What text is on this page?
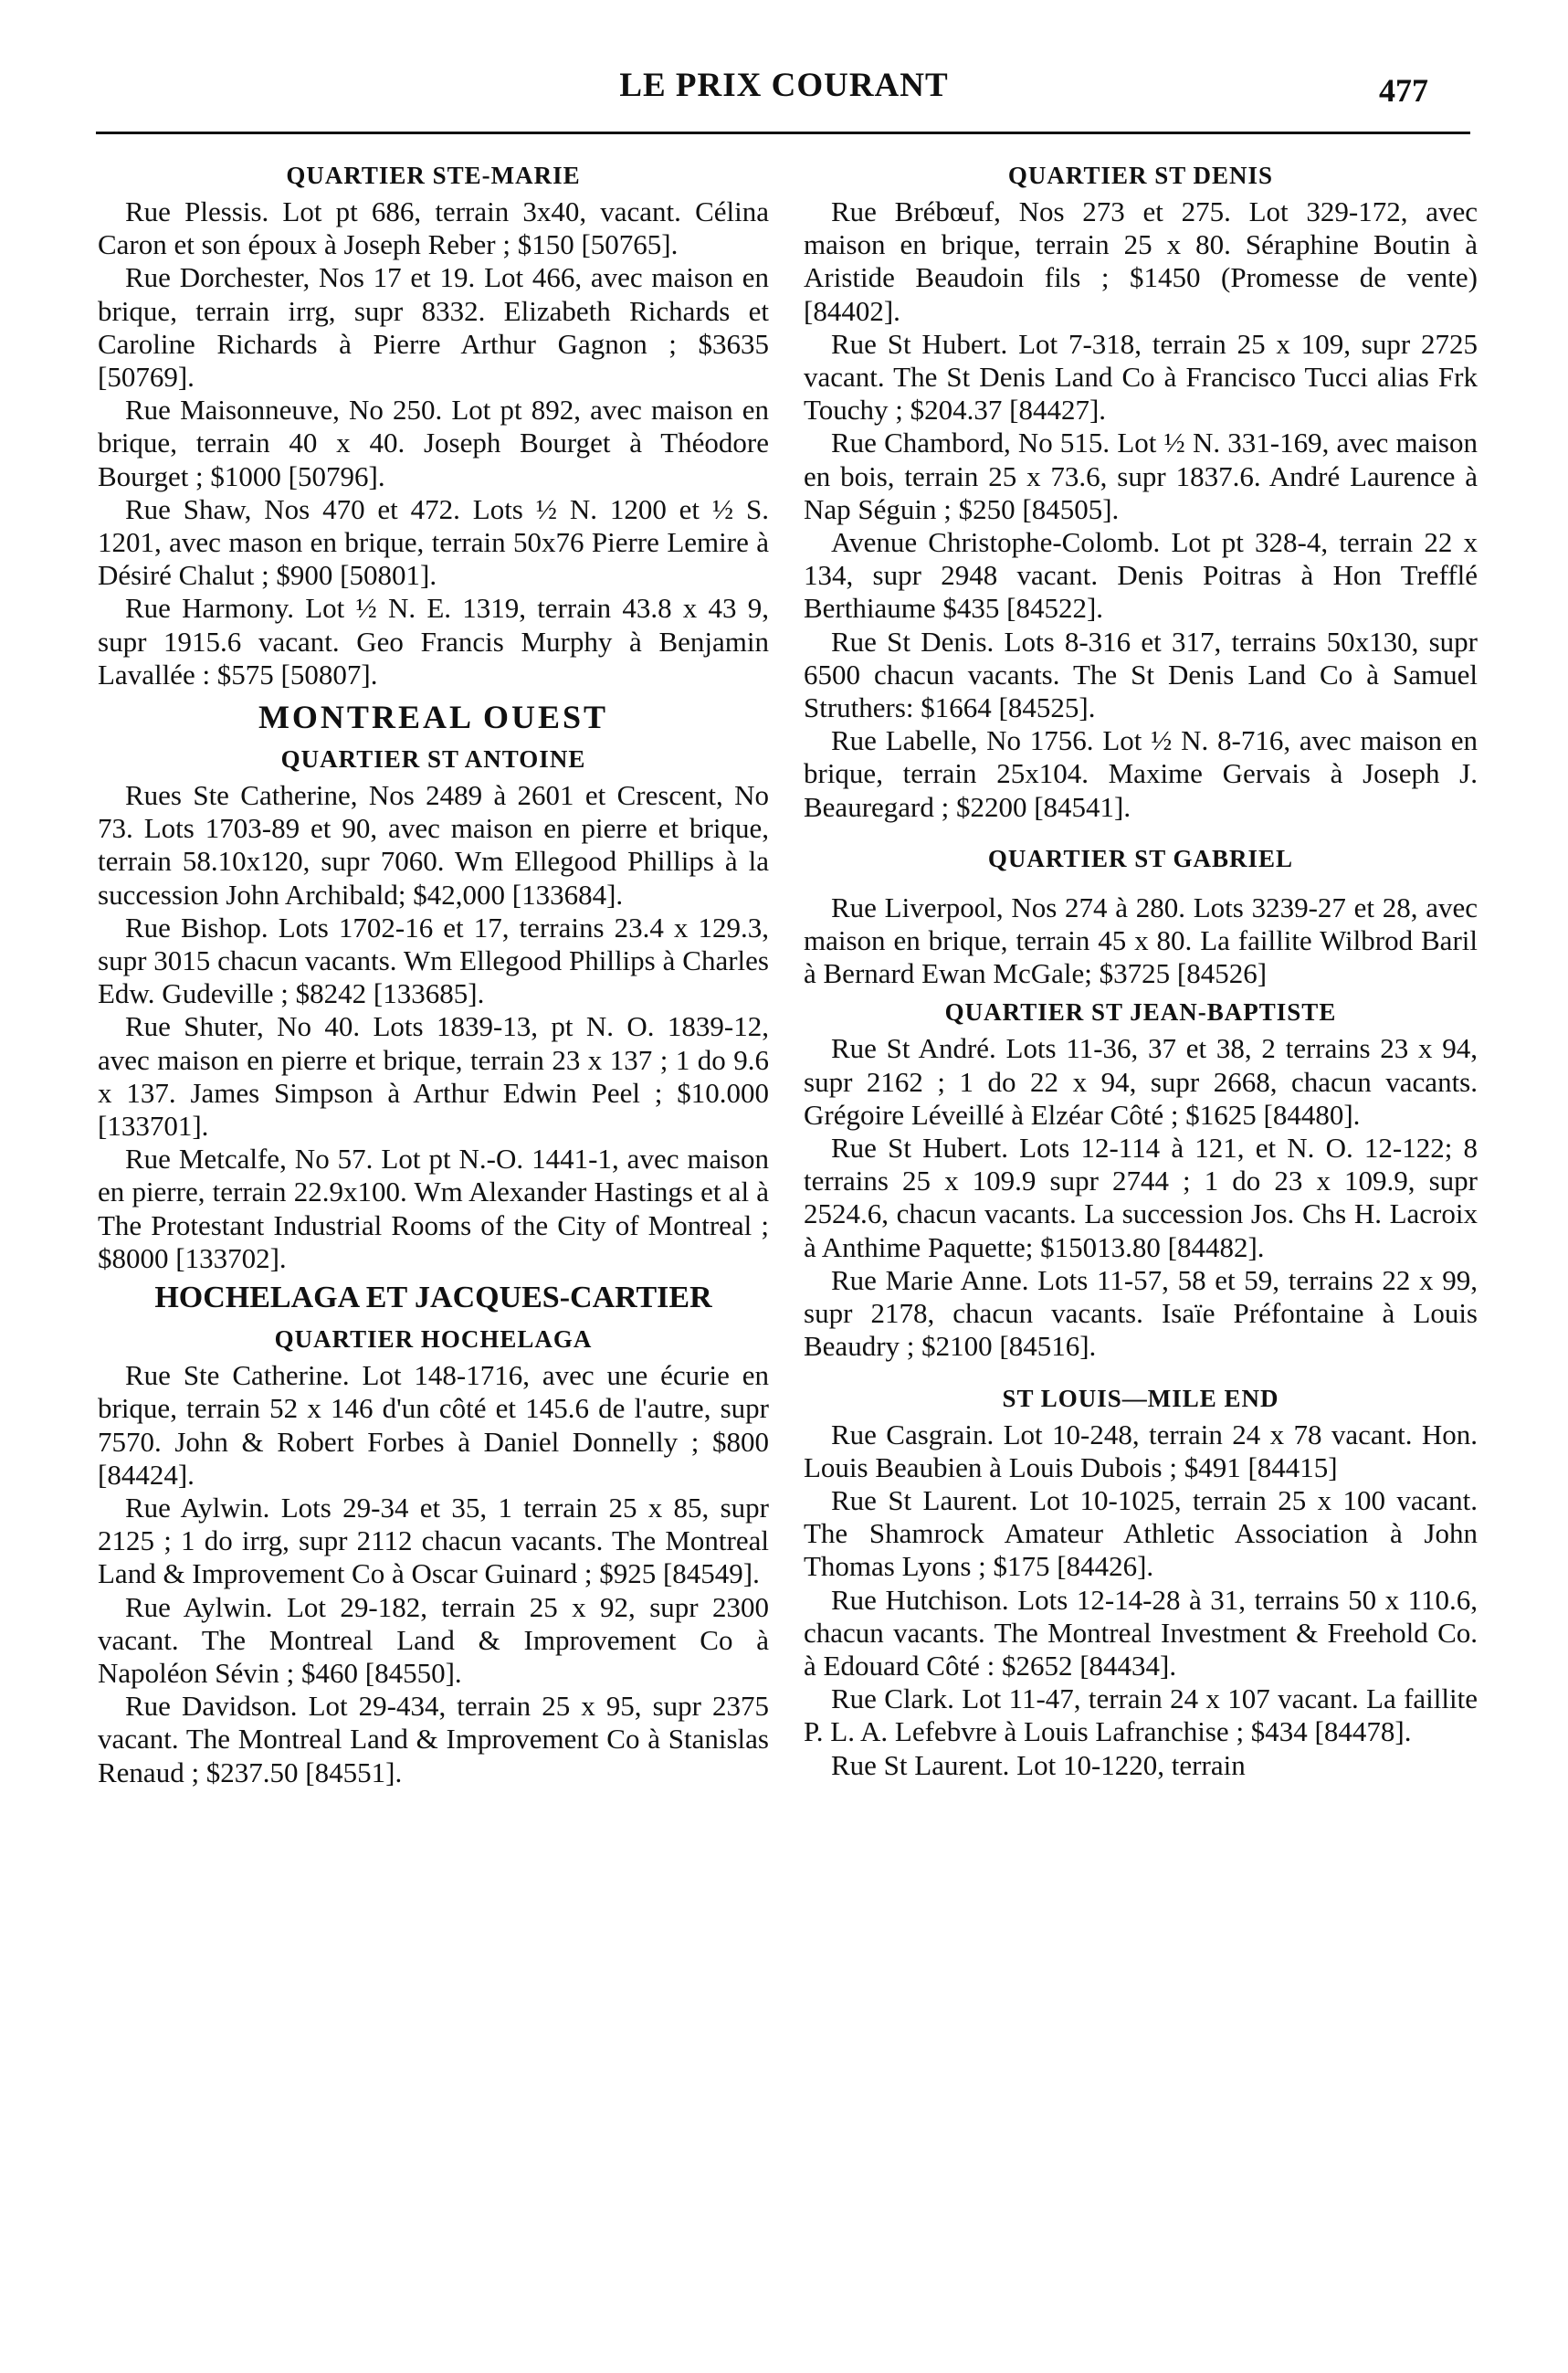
LE PRIX COURANT	477
QUARTIER STE-MARIE

Rue Plessis. Lot pt 686, terrain 3x40, vacant. Célina Caron et son époux à Joseph Reber ; $150 [50765].

Rue Dorchester, Nos 17 et 19. Lot 466, avec maison en brique, terrain irrg, supr 8332. Elizabeth Richards et Caroline Richards à Pierre Arthur Gagnon ; $3635 [50769].

Rue Maisonneuve, No 250. Lot pt 892, avec maison en brique, terrain 40 x 40. Joseph Bourget à Théodore Bourget ; $1000 [50796].

Rue Shaw, Nos 470 et 472. Lots ½ N. 1200 et ½ S. 1201, avec mason en brique, terrain 50x76 Pierre Lemire à Désiré Chalut ; $900 [50801].

Rue Harmony. Lot ½ N. E. 1319, terrain 43.8 x 43 9, supr 1915.6 vacant. Geo Francis Murphy à Benjamin Lavallée : $575 [50807].

MONTREAL OUEST
QUARTIER ST ANTOINE

Rues Ste Catherine, Nos 2489 à 2601 et Crescent, No 73. Lots 1703-89 et 90, avec maison en pierre et brique, terrain 58.10x120, supr 7060. Wm Ellegood Phillips à la succession John Archibald; $42,000 [133684].

Rue Bishop. Lots 1702-16 et 17, terrains 23.4 x 129.3, supr 3015 chacun vacants. Wm Ellegood Phillips à Charles Edw. Gudeville ; $8242 [133685].

Rue Shuter, No 40. Lots 1839-13, pt N. O. 1839-12, avec maison en pierre et brique, terrain 23 x 137 ; 1 do 9.6 x 137. James Simpson à Arthur Edwin Peel ; $10.000 [133701].

Rue Metcalfe, No 57. Lot pt N.-O. 1441-1, avec maison en pierre, terrain 22.9x100. Wm Alexander Hastings et al à The Protestant Industrial Rooms of the City of Montreal ; $8000 [133702].

HOCHELAGA ET JACQUES-CARTIER
QUARTIER HOCHELAGA

Rue Ste Catherine. Lot 148-1716, avec une écurie en brique, terrain 52 x 146 d'un côté et 145.6 de l'autre, supr 7570. John & Robert Forbes à Daniel Donnelly ; $800 [84424].

Rue Aylwin. Lots 29-34 et 35, 1 terrain 25 x 85, supr 2125 ; 1 do irrg, supr 2112 chacun vacants. The Montreal Land & Improvement Co à Oscar Guinard ; $925 [84549].

Rue Aylwin. Lot 29-182, terrain 25 x 92, supr 2300 vacant. The Montreal Land & Improvement Co à Napoléon Sévin ; $460 [84550].

Rue Davidson. Lot 29-434, terrain 25 x 95, supr 2375 vacant. The Montreal Land & Improvement Co à Stanislas Renaud ; $237.50 [84551].

QUARTIER ST DENIS

Rue Brébœuf, Nos 273 et 275. Lot 329-172, avec maison en brique, terrain 25 x 80. Séraphine Boutin à Aristide Beaudoin fils ; $1450 (Promesse de vente) [84402].

Rue St Hubert. Lot 7-318, terrain 25 x 109, supr 2725 vacant. The St Denis Land Co à Francisco Tucci alias Frk Touchy ; $204.37 [84427].

Rue Chambord, No 515. Lot ½ N. 331-169, avec maison en bois, terrain 25 x 73.6, supr 1837.6. André Laurence à Nap Séguin ; $250 [84505].

Avenue Christophe-Colomb. Lot pt 328-4, terrain 22 x 134, supr 2948 vacant. Denis Poitras à Hon Trefflé Berthiaume $435 [84522].

Rue St Denis. Lots 8-316 et 317, terrains 50x130, supr 6500 chacun vacants. The St Denis Land Co à Samuel Struthers: $1664 [84525].

Rue Labelle, No 1756. Lot ½ N. 8-716, avec maison en brique, terrain 25x104. Maxime Gervais à Joseph J. Beauregard ; $2200 [84541].

QUARTIER ST GABRIEL

Rue Liverpool, Nos 274 à 280. Lots 3239-27 et 28, avec maison en brique, terrain 45 x 80. La faillite Wilbrod Baril à Bernard Ewan McGale; $3725 [84526]

QUARTIER ST JEAN-BAPTISTE

Rue St André. Lots 11-36, 37 et 38, 2 terrains 23 x 94, supr 2162 ; 1 do 22 x 94, supr 2668, chacun vacants. Grégoire Léveillé à Elzéar Côté ; $1625 [84480].

Rue St Hubert. Lots 12-114 à 121, et N. O. 12-122; 8 terrains 25 x 109.9 supr 2744 ; 1 do 23 x 109.9, supr 2524.6, chacun vacants. La succession Jos. Chs H. Lacroix à Anthime Paquette; $15013.80 [84482].

Rue Marie Anne. Lots 11-57, 58 et 59, terrains 22 x 99, supr 2178, chacun vacants. Isaïe Préfontaine à Louis Beaudry ; $2100 [84516].

ST LOUIS—MILE END

Rue Casgrain. Lot 10-248, terrain 24 x 78 vacant. Hon. Louis Beaubien à Louis Dubois ; $491 [84415]

Rue St Laurent. Lot 10-1025, terrain 25 x 100 vacant. The Shamrock Amateur Athletic Association à John Thomas Lyons ; $175 [84426].

Rue Hutchison. Lots 12-14-28 à 31, terrains 50 x 110.6, chacun vacants. The Montreal Investment & Freehold Co. à Edouard Côté : $2652 [84434].

Rue Clark. Lot 11-47, terrain 24 x 107 vacant. La faillite P. L. A. Lefebvre à Louis Lafranchise ; $434 [84478].

Rue St Laurent. Lot 10-1220, terrain
